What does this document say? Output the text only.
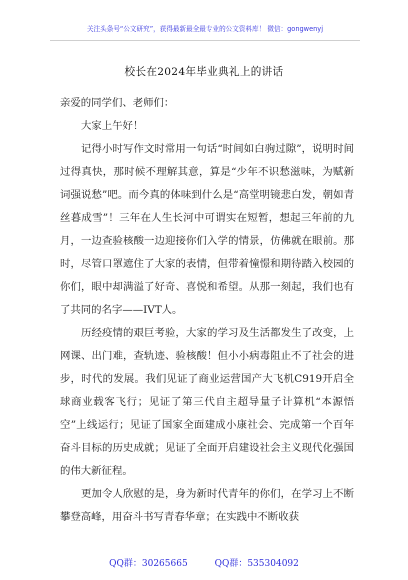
关注头条号“公文研究”，获得最新最全最专业的公文资料库！ 微信：gongwenyj
校长在2024年毕业典礼上的讲话

亲爱的同学们、老师们：

大家上午好！

记得小时写作文时常用一句话“时间如白驹过隙”，说明时间过得真快，那时候不理解其意，算是“少年不识愁滋味，为赋新词强说愁”吧。而今真的体味到什么是“高堂明镜悲白发，朝如青丝暮成雪”！三年在人生长河中可谓实在短暂，想起三年前的九月，一边查验核酸一边迎接你们入学的情景，仿佛就在眼前。那时，尽管口罩遮住了大家的表情，但带着憧憬和期待踏入校园的你们，眼中却满溢了好奇、喜悦和希望。从那一刻起，我们也有了共同的名字——IVT人。

历经疫情的艰巨考验，大家的学习及生活都发生了改变，上网课、出门难，查轨迹、验核酸！但小小病毒阻止不了社会的进步，时代的发展。我们见证了商业运营国产大飞机C919开启全球商业载客飞行；见证了第三代自主超导量子计算机“本源悟空”上线运行；见证了国家全面建成小康社会、完成第一个百年奋斗目标的历史成就；见证了全面开启建设社会主义现代化强国的伟大新征程。

更加令人欣慰的是，身为新时代青年的你们，在学习上不断攀登高峰，用奋斗书写青春华章；在实践中不断收获

QQ群：30265665	QQ群：535304092
